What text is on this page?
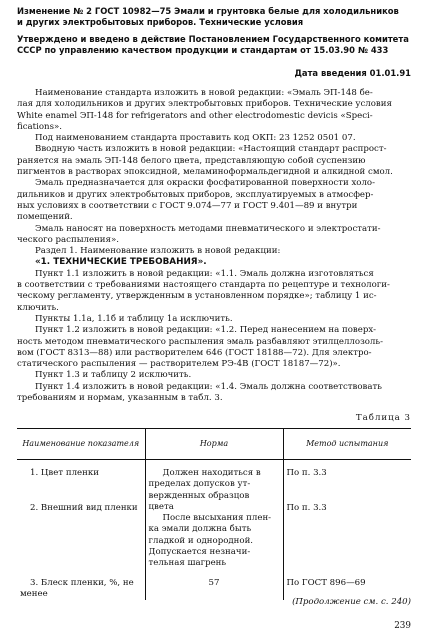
Изменение № 2 ГОСТ 10982—75 Эмали и грунтовка белые для холодильников
и других электробытовых приборов. Технические условия
Утверждено и введено в действие Постановлением Государственного комитета
СССР по управлению качеством продукции и стандартам от 15.03.90 № 433
Дата введения 01.01.91
Наименование стандарта изложить в новой редакции: «Эмаль ЭП-148 бе-
лая для холодильников и других электробытовых приборов. Технические условия
White enamel ЭП-148 for refrigerators and other electrodomestic devicis «Speci-
fications».
Под наименованием стандарта проставить код ОКП: 23 1252 0501 07.
Вводную часть изложить в новой редакции: «Настоящий стандарт распрост-
раняется на эмаль ЭП-148 белого цвета, представляющую собой суспензию
пигментов в растворах эпоксидной, меламиноформальдегидной и алкидной смол.
Эмаль предназначается для окраски фосфатированной поверхности холо-
дильников и других электробытовых приборов, эксплуатируемых в атмосфер-
ных условиях в соответствии с ГОСТ 9.074—77 и ГОСТ 9.401—89 и внутри
помещений.
Эмаль наносят на поверхность методами пневматического и электростати-
ческого распыления».
Раздел 1. Наименование изложить в новой редакции:
«1. ТЕХНИЧЕСКИЕ ТРЕБОВАНИЯ».
Пункт 1.1 изложить в новой редакции: «1.1. Эмаль должна изготовляться
в соответствии с требованиями настоящего стандарта по рецептуре и технологи-
ческому регламенту, утвержденным в установленном порядке»; таблицу 1 ис-
ключить.
Пункты 1.1а, 1.1б и таблицу 1а исключить.
Пункт 1.2 изложить в новой редакции: «1.2. Перед нанесением на поверх-
ность методом пневматического распыления эмаль разбавляют этилцеллозоль-
вом (ГОСТ 8313—88) или растворителем 646 (ГОСТ 18188—72). Для электро-
статического распыления — растворителем РЭ-4В (ГОСТ 18187—72)».
Пункт 1.3 и таблицу 2 исключить.
Пункт 1.4 изложить в новой редакции: «1.4. Эмаль должна соответствовать
требованиям и нормам, указанным в табл. 3.
Таблица 3
Наименование показателя	Норма	Метод испытания

1. Цвет пленки	Должен находиться в
пределах допусков ут-
вержденных образцов
цвета	По п. 3.3

2. Внешний вид пленки	После высыхания плен-
ка эмали должна быть
гладкой и однородной.
Допускается незначи-
тельная шагрень	По п. 3.3

3. Блеск пленки, %, не
менее	57	По ГОСТ 896—69
(Продолжение см. с. 240)
239
